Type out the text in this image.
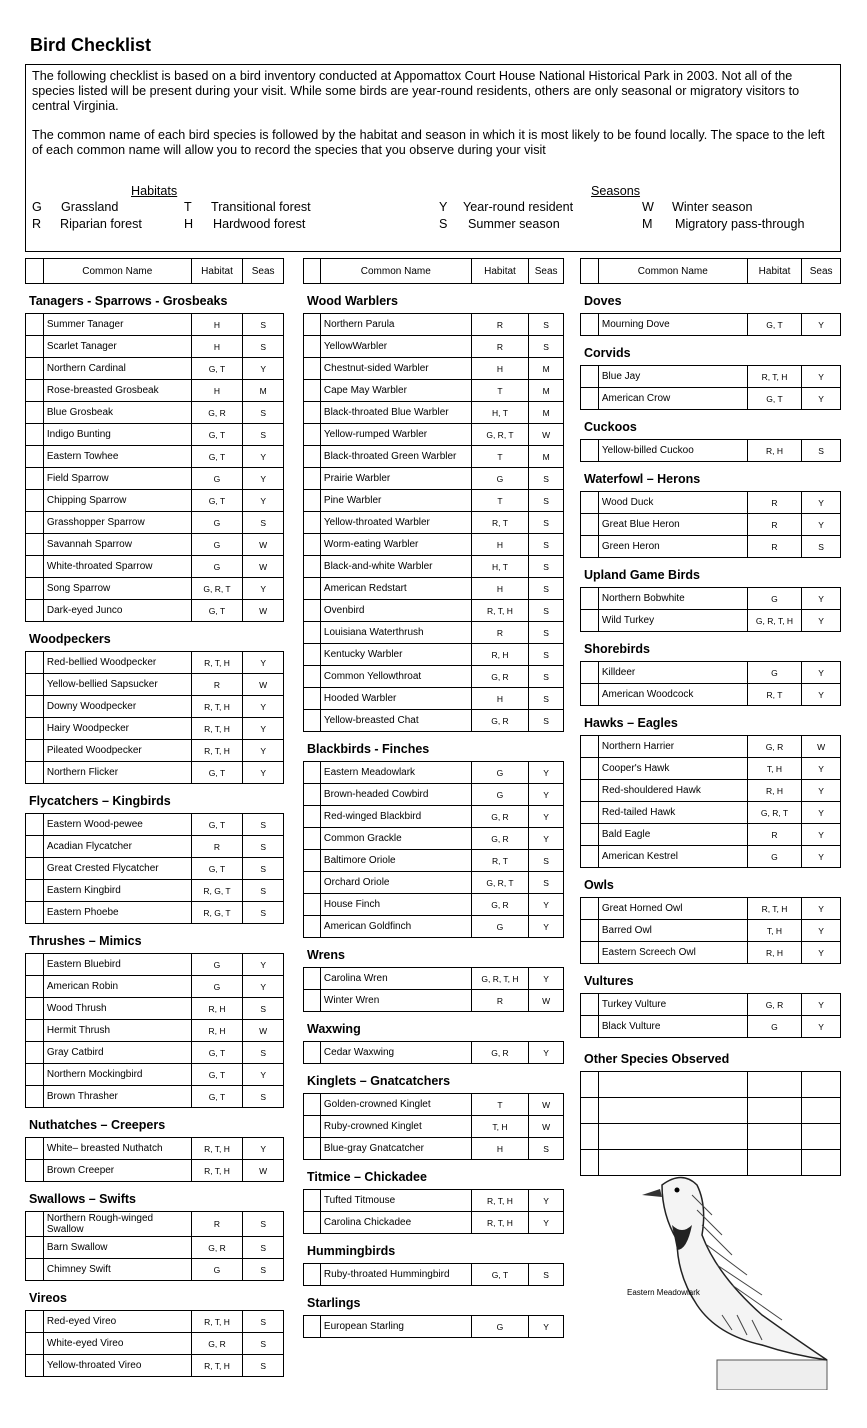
Bird Checklist

The following checklist is based on a bird inventory conducted at Appomattox Court House National Historical Park in 2003. Not all of the species listed will be present during your visit. While some birds are year-round residents, others are only seasonal or migratory visitors to central Virginia.

The common name of each bird species is followed by the habitat and season in which it is most likely to be found locally. The space to the left of each common name will allow you to record the species that you observe during your visit

Habitats	Seasons
G Grassland	T Transitional forest
R Riparian forest	H Hardwood forest
Y Year-round resident	W Winter season
S Summer season	M Migratory pass-through
Common Name	Habitat	Seas
Tanagers - Sparrows - Grosbeaks
Summer Tanager	H	S
Scarlet Tanager	H	S
Northern Cardinal	G, T	Y
Rose-breasted Grosbeak	H	M
Blue Grosbeak	G, R	S
Indigo Bunting	G, T	S
Eastern Towhee	G, T	Y
Field Sparrow	G	Y
Chipping Sparrow	G, T	Y
Grasshopper Sparrow	G	S
Savannah Sparrow	G	W
White-throated Sparrow	G	W
Song Sparrow	G, R, T	Y
Dark-eyed Junco	G, T	W
Woodpeckers
Red-bellied Woodpecker	R, T, H	Y
Yellow-bellied Sapsucker	R	W
Downy Woodpecker	R, T, H	Y
Hairy Woodpecker	R, T, H	Y
Pileated Woodpecker	R, T, H	Y
Northern Flicker	G, T	Y
Flycatchers – Kingbirds
Eastern Wood-pewee	G, T	S
Acadian Flycatcher	R	S
Great Crested Flycatcher	G, T	S
Eastern Kingbird	R, G, T	S
Eastern Phoebe	R, G, T	S
Thrushes – Mimics
Eastern Bluebird	G	Y
American Robin	G	Y
Wood Thrush	R, H	S
Hermit Thrush	R, H	W
Gray Catbird	G, T	S
Northern Mockingbird	G, T	Y
Brown Thrasher	G, T	S
Nuthatches – Creepers
White– breasted Nuthatch	R, T, H	Y
Brown Creeper	R, T, H	W
Swallows – Swifts
Northern Rough-winged Swallow	R	S
Barn Swallow	G, R	S
Chimney Swift	G	S
Vireos
Red-eyed Vireo	R, T, H	S
White-eyed Vireo	G, R	S
Yellow-throated Vireo	R, T, H	S
Common Name	Habitat	Seas
Wood Warblers
Northern Parula	R	S
YellowWarbler	R	S
Chestnut-sided Warbler	H	M
Cape May Warbler	T	M
Black-throated Blue Warbler	H, T	M
Yellow-rumped Warbler	G, R, T	W
Black-throated Green Warbler	T	M
Prairie Warbler	G	S
Pine Warbler	T	S
Yellow-throated Warbler	R, T	S
Worm-eating Warbler	H	S
Black-and-white Warbler	H, T	S
American Redstart	H	S
Ovenbird	R, T, H	S
Louisiana Waterthrush	R	S
Kentucky Warbler	R, H	S
Common Yellowthroat	G, R	S
Hooded Warbler	H	S
Yellow-breasted Chat	G, R	S
Blackbirds - Finches
Eastern Meadowlark	G	Y
Brown-headed Cowbird	G	Y
Red-winged Blackbird	G, R	Y
Common Grackle	G, R	Y
Baltimore Oriole	R, T	S
Orchard Oriole	G, R, T	S
House Finch	G, R	Y
American Goldfinch	G	Y
Wrens
Carolina Wren	G, R, T, H	Y
Winter Wren	R	W
Waxwing
Cedar Waxwing	G, R	Y
Kinglets – Gnatcatchers
Golden-crowned Kinglet	T	W
Ruby-crowned Kinglet	T, H	W
Blue-gray Gnatcatcher	H	S
Titmice – Chickadee
Tufted Titmouse	R, T, H	Y
Carolina Chickadee	R, T, H	Y
Hummingbirds
Ruby-throated Hummingbird	G, T	S
Starlings
European Starling	G	Y
Common Name	Habitat	Seas
Doves
Mourning Dove	G, T	Y
Corvids
Blue Jay	R, T, H	Y
American Crow	G, T	Y
Cuckoos
Yellow-billed Cuckoo	R, H	S
Waterfowl – Herons
Wood Duck	R	Y
Great Blue Heron	R	Y
Green Heron	R	S
Upland Game Birds
Northern Bobwhite	G	Y
Wild Turkey	G, R, T, H	Y
Shorebirds
Killdeer	G	Y
American Woodcock	R, T	Y
Hawks – Eagles
Northern Harrier	G, R	W
Cooper's Hawk	T, H	Y
Red-shouldered Hawk	R, H	Y
Red-tailed Hawk	G, R, T	Y
Bald Eagle	R	Y
American Kestrel	G	Y
Owls
Great Horned Owl	R, T, H	Y
Barred Owl	T, H	Y
Eastern Screech Owl	R, H	Y
Vultures
Turkey Vulture	G, R	Y
Black Vulture	G	Y
Other Species Observed
Eastern Meadowlark
